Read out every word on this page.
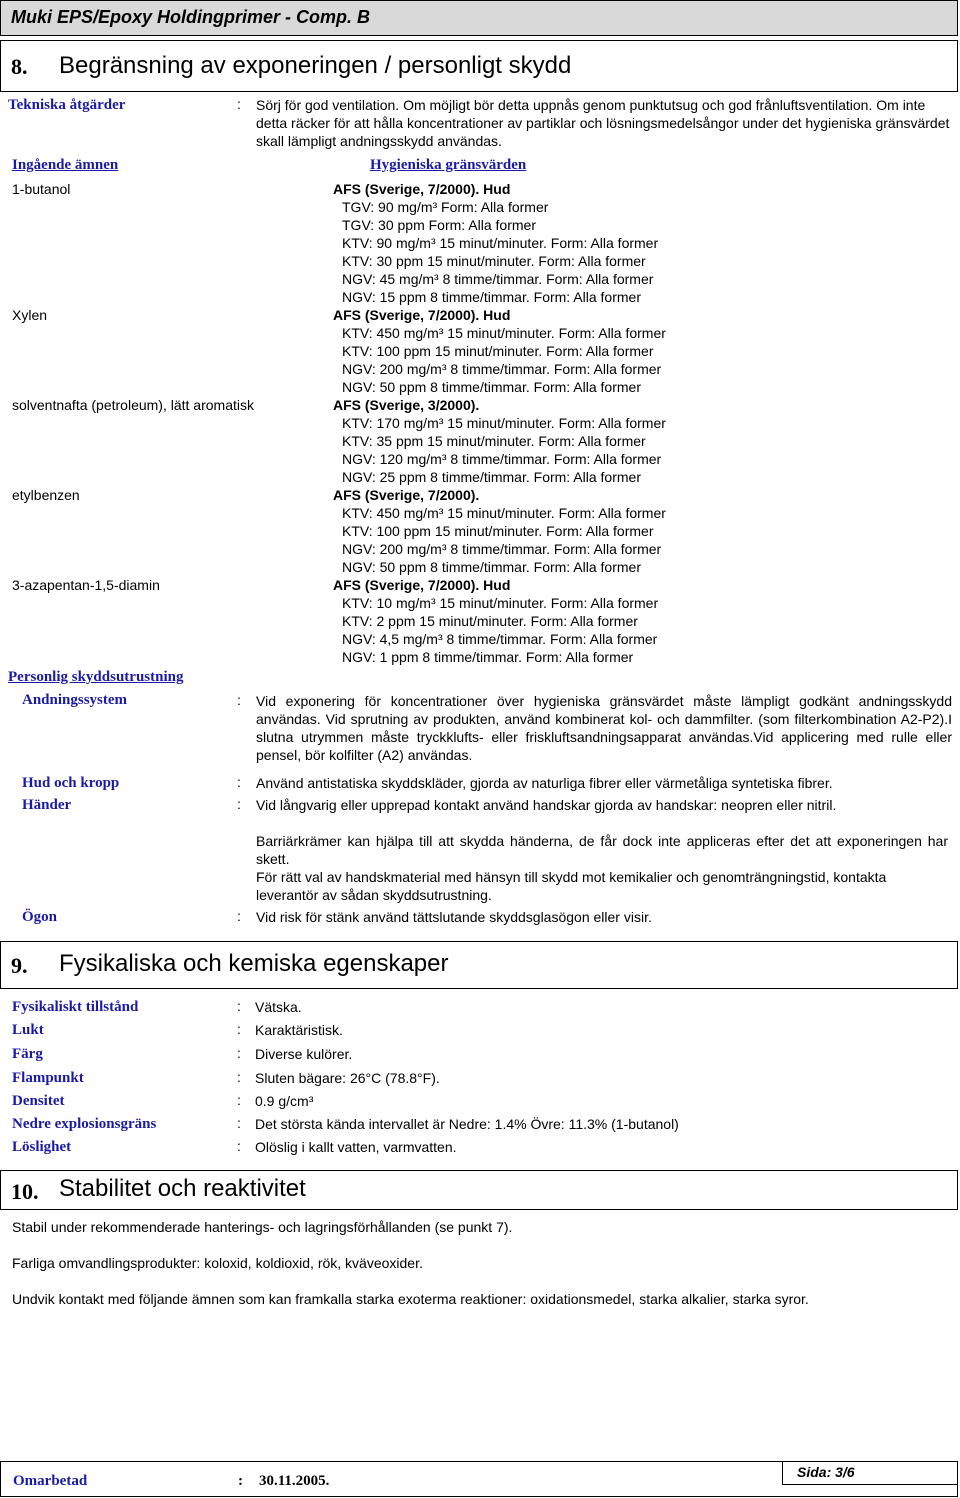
Muki EPS/Epoxy Holdingprimer - Comp. B
8. Begränsning av exponeringen / personligt skydd
Tekniska åtgärder	: Sörj för god ventilation. Om möjligt bör detta uppnås genom punktutsug och god frånluftsventilation. Om inte detta räcker för att hålla koncentrationer av partiklar och lösningsmedelsångor under det hygieniska gränsvärdet skall lämpligt andningsskydd användas.
Ingående ämnen	Hygieniska gränsvärden
1-butanol	AFS (Sverige, 7/2000). Hud
TGV: 90 mg/m³ Form: Alla former
TGV: 30 ppm Form: Alla former
KTV: 90 mg/m³ 15 minut/minuter. Form: Alla former
KTV: 30 ppm 15 minut/minuter. Form: Alla former
NGV: 45 mg/m³ 8 timme/timmar. Form: Alla former
NGV: 15 ppm 8 timme/timmar. Form: Alla former
Xylen	AFS (Sverige, 7/2000). Hud
KTV: 450 mg/m³ 15 minut/minuter. Form: Alla former
KTV: 100 ppm 15 minut/minuter. Form: Alla former
NGV: 200 mg/m³ 8 timme/timmar. Form: Alla former
NGV: 50 ppm 8 timme/timmar. Form: Alla former
solventnafta (petroleum), lätt aromatisk	AFS (Sverige, 3/2000).
KTV: 170 mg/m³ 15 minut/minuter. Form: Alla former
KTV: 35 ppm 15 minut/minuter. Form: Alla former
NGV: 120 mg/m³ 8 timme/timmar. Form: Alla former
NGV: 25 ppm 8 timme/timmar. Form: Alla former
etylbenzen	AFS (Sverige, 7/2000).
KTV: 450 mg/m³ 15 minut/minuter. Form: Alla former
KTV: 100 ppm 15 minut/minuter. Form: Alla former
NGV: 200 mg/m³ 8 timme/timmar. Form: Alla former
NGV: 50 ppm 8 timme/timmar. Form: Alla former
3-azapentan-1,5-diamin	AFS (Sverige, 7/2000). Hud
KTV: 10 mg/m³ 15 minut/minuter. Form: Alla former
KTV: 2 ppm 15 minut/minuter. Form: Alla former
NGV: 4,5 mg/m³ 8 timme/timmar. Form: Alla former
NGV: 1 ppm 8 timme/timmar. Form: Alla former
Personlig skyddsutrustning
Andningssystem	: Vid exponering för koncentrationer över hygieniska gränsvärdet måste lämpligt godkänt andningsskydd användas. Vid sprutning av produkten, använd kombinerat kol- och dammfilter. (som filterkombination A2-P2).I slutna utrymmen måste tryckklufts- eller friskluftsandningsapparat användas.Vid applicering med rulle eller pensel, bör kolfilter (A2) användas.
Hud och kropp	: Använd antistatiska skyddskläder, gjorda av naturliga fibrer eller värmetåliga syntetiska fibrer.
Händer	: Vid långvarig eller upprepad kontakt använd handskar gjorda av handskar: neopren eller nitril.
Barriärkrämer kan hjälpa till att skydda händerna, de får dock inte appliceras efter det att exponeringen har skett.
För rätt val av handskmaterial med hänsyn till skydd mot kemikalier och genomträngningstid, kontakta leverantör av sådan skyddsutrustning.
Ögon	: Vid risk för stänk använd tättslutande skyddsglasögon eller visir.
9. Fysikaliska och kemiska egenskaper
Fysikaliskt tillstånd	: Vätska.
Lukt	: Karaktäristisk.
Färg	: Diverse kulörer.
Flampunkt	: Sluten bägare: 26°C (78.8°F).
Densitet	: 0.9 g/cm³
Nedre explosionsgräns	: Det största kända intervallet är Nedre: 1.4% Övre: 11.3% (1-butanol)
Löslighet	: Olöslig i kallt vatten, varmvatten.
10. Stabilitet och reaktivitet
Stabil under rekommenderade hanterings- och lagringsförhållanden (se punkt 7).
Farliga omvandlingsprodukter: koloxid, koldioxid, rök, kväveoxider.
Undvik kontakt med följande ämnen som kan framkalla starka exoterma reaktioner: oxidationsmedel, starka alkalier, starka syror.
Omarbetad	: 30.11.2005.
Sida: 3/6
